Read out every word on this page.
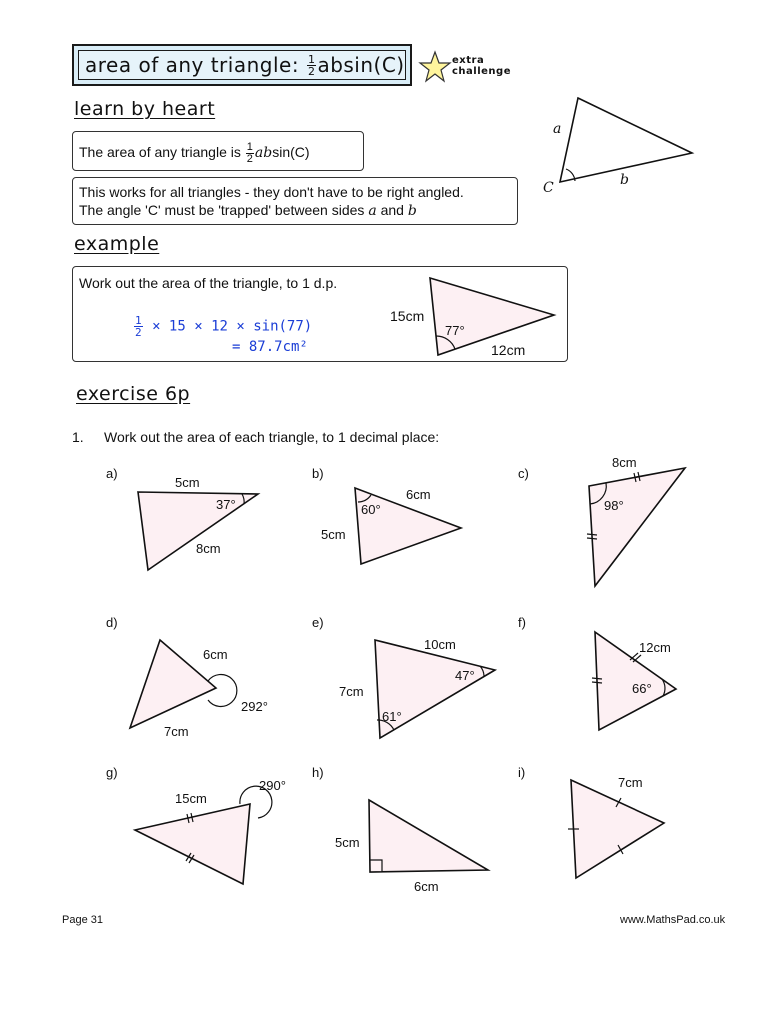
area of any triangle:
$\frac{1}{2} absin(C)$	extra
challenge
learn by heart
The area of any triangle is $\frac{1}{2} absin(C)$
This works for all triangles - they don't have to be right angled.
The angle 'C' must be 'trapped' between sides a and b
a
b
C
example
Work out the area of the triangle, to 1 d.p.
$\frac{1}{2} \times 15 \times 12 \times \sin(77)$
= 87.7cm²
15cm
77°
12cm
exercise 6p
1. Work out the area of each triangle, to 1 decimal place:
a)	b)	c)
d)	e)	f)
g)	h)	i)
5cm
37°
8cm
6cm
60°
5cm
8cm
98°
6cm
292°
7cm
10cm
47°
7cm
61°
12cm
66°
15cm
290°
5cm
6cm
7cm
Page 31	www.MathsPad.co.uk
